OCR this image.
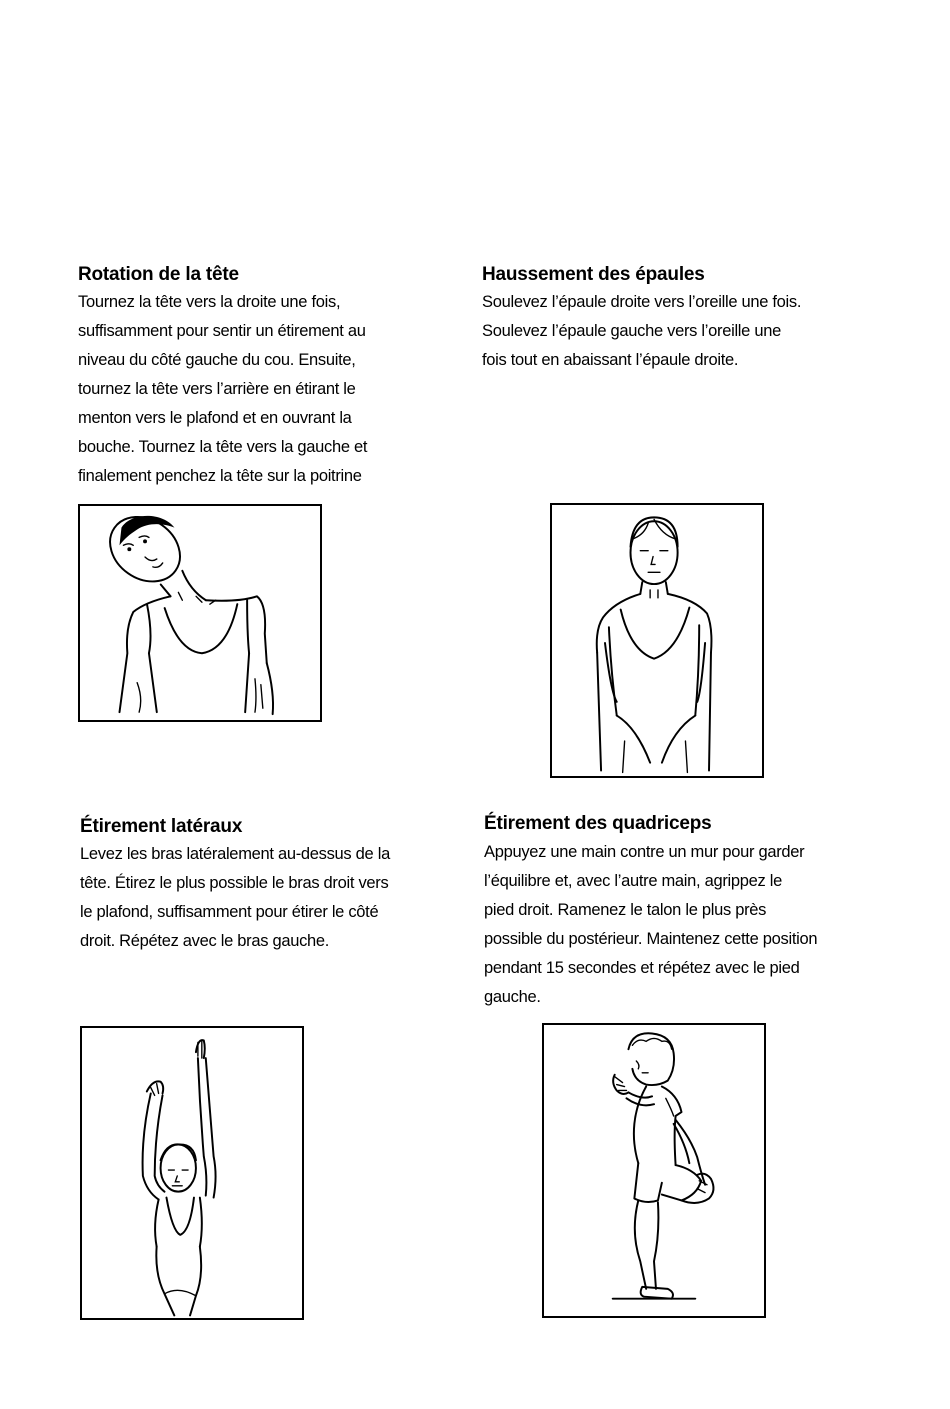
Rotation de la tête
Tournez la tête vers la droite une fois,
suffisamment pour sentir un étirement au
niveau du côté gauche du cou. Ensuite,
tournez la tête vers l’arrière en étirant le
menton vers le plafond et en ouvrant la
bouche. Tournez la tête vers la gauche et
finalement penchez la tête sur la poitrine
Haussement des épaules
Soulevez l’épaule droite vers l’oreille une fois.
Soulevez l’épaule gauche vers l’oreille une
fois tout en abaissant l’épaule droite.
Étirement latéraux
Levez les bras latéralement au-dessus de la
tête. Étirez le plus possible le bras droit vers
le plafond, suffisamment pour étirer le côté
droit. Répétez avec le bras gauche.
Étirement des quadriceps
Appuyez une main contre un mur pour garder
l’équilibre et, avec l’autre main, agrippez le
pied droit. Ramenez le talon le plus près
possible du postérieur. Maintenez cette position
pendant 15 secondes et répétez avec le pied
gauche.
